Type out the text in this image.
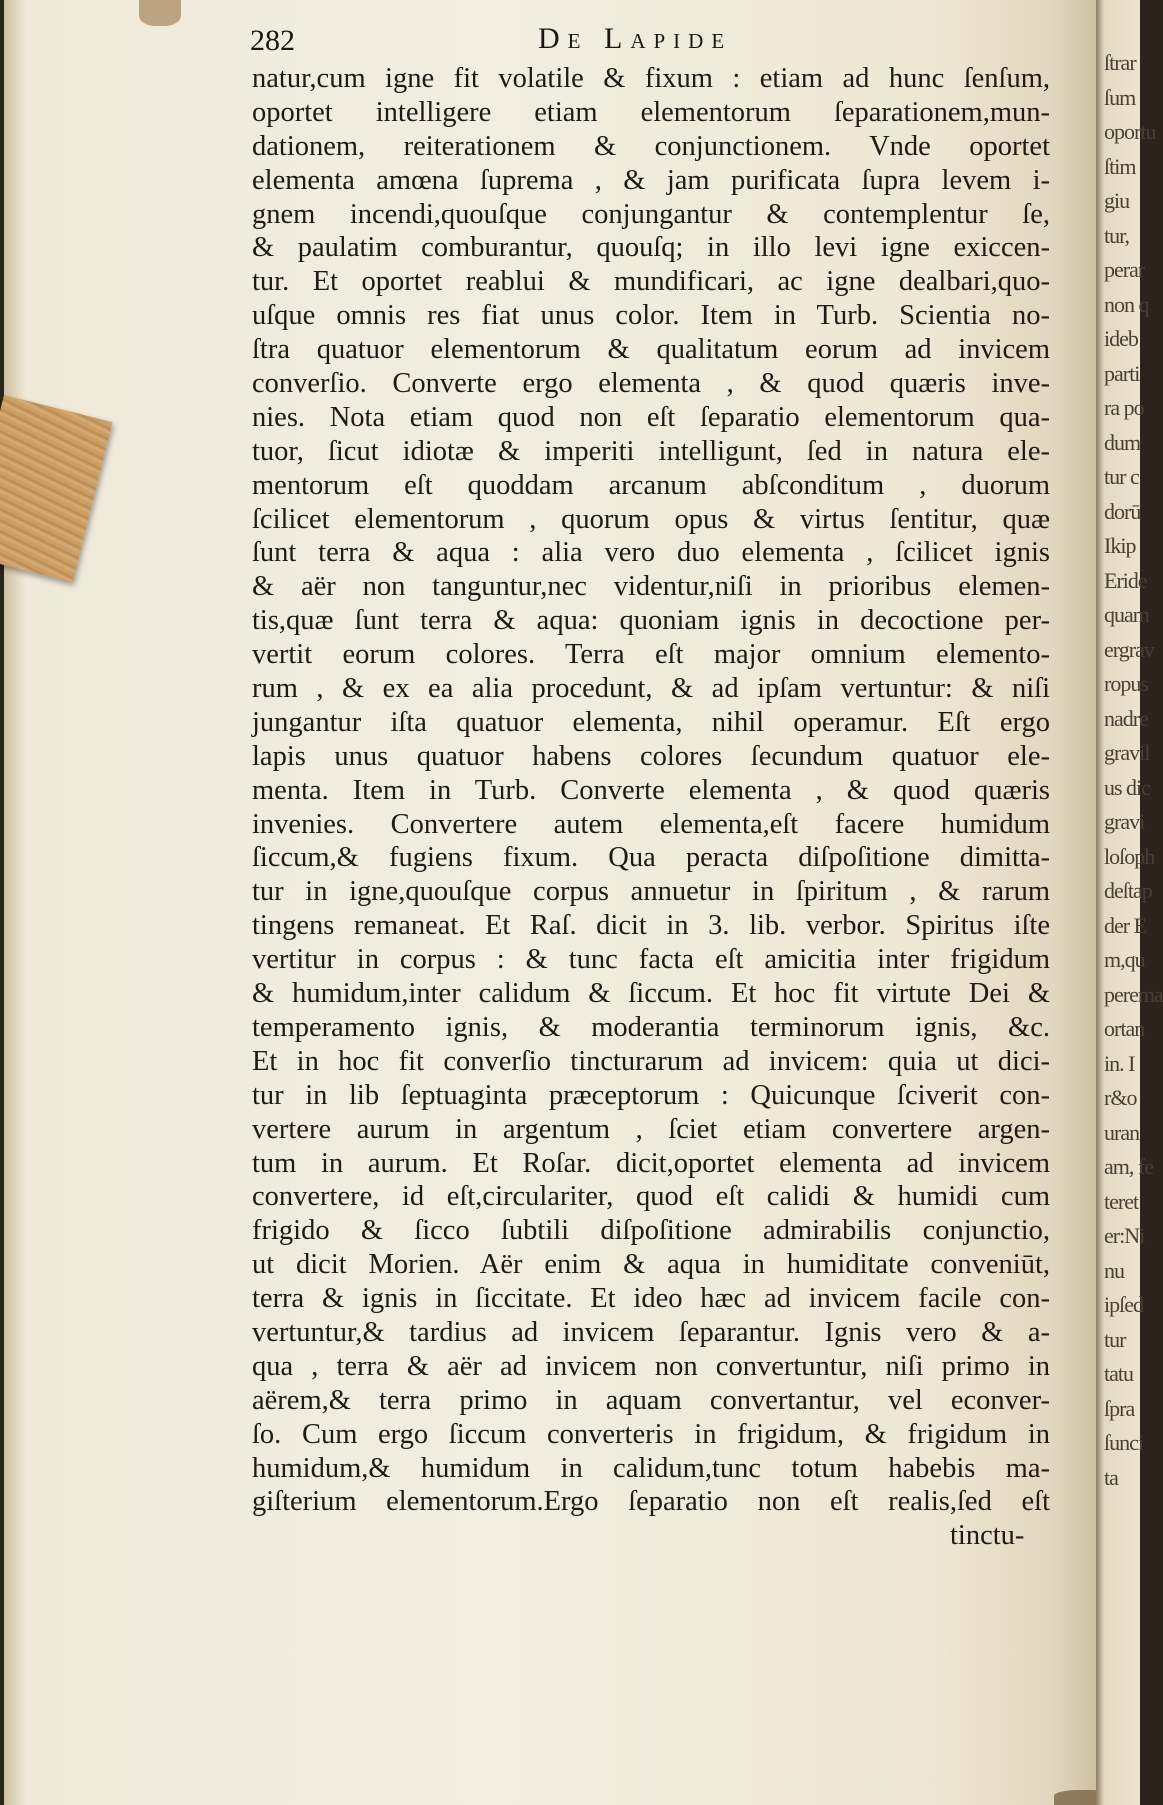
282	De Lapide
natur,cum igne fit volatile & fixum : etiam ad hunc ſenſum,
oportet intelligere etiam elementorum ſeparationem,mun-
dationem, reiterationem & conjunctionem. Vnde oportet
elementa amœna ſuprema , & jam purificata ſupra levem i-
gnem incendi,quouſque conjungantur & contemplentur ſe,
& paulatim comburantur, quouſq; in illo levi igne exiccen-
tur. Et oportet reablui & mundificari, ac igne dealbari,quo-
uſque omnis res fiat unus color. Item in Turb. Scientia no-
ſtra quatuor elementorum & qualitatum eorum ad invicem
converſio. Converte ergo elementa , & quod quæris inve-
nies. Nota etiam quod non eſt ſeparatio elementorum qua-
tuor, ſicut idiotæ & imperiti intelligunt, ſed in natura ele-
mentorum eſt quoddam arcanum abſconditum , duorum
ſcilicet elementorum , quorum opus & virtus ſentitur, quæ
ſunt terra & aqua : alia vero duo elementa , ſcilicet ignis
& aër non tanguntur,nec videntur,niſi in prioribus elemen-
tis,quæ ſunt terra & aqua: quoniam ignis in decoctione per-
vertit eorum colores. Terra eſt major omnium elemento-
rum , & ex ea alia procedunt, & ad ipſam vertuntur: & niſi
jungantur iſta quatuor elementa, nihil operamur. Eſt ergo
lapis unus quatuor habens colores ſecundum quatuor ele-
menta. Item in Turb. Converte elementa , & quod quæris
invenies. Convertere autem elementa,eſt facere humidum
ſiccum,& fugiens fixum. Qua peracta diſpoſitione dimitta-
tur in igne,quouſque corpus annuetur in ſpiritum , & rarum
tingens remaneat. Et Raſ. dicit in 3. lib. verbor. Spiritus iſte
vertitur in corpus : & tunc facta eſt amicitia inter frigidum
& humidum,inter calidum & ſiccum. Et hoc fit virtute Dei &
temperamento ignis, & moderantia terminorum ignis, &c.
Et in hoc fit converſio tincturarum ad invicem: quia ut dici-
tur in lib ſeptuaginta præceptorum : Quicunque ſciverit con-
vertere aurum in argentum , ſciet etiam convertere argen-
tum in aurum. Et Roſar. dicit,oportet elementa ad invicem
convertere, id eſt,circulariter, quod eſt calidi & humidi cum
frigido & ſicco ſubtili diſpoſitione admirabilis conjunctio,
ut dicit Morien. Aër enim & aqua in humiditate conveniūt,
terra & ignis in ſiccitate. Et ideo hæc ad invicem facile con-
vertuntur,& tardius ad invicem ſeparantur. Ignis vero & a-
qua , terra & aër ad invicem non convertuntur, niſi primo in
aërem,& terra primo in aquam convertantur, vel econver-
ſo. Cum ergo ſiccum converteris in frigidum, & frigidum in
humidum,& humidum in calidum,tunc totum habebis ma-
giſterium elementorum.Ergo ſeparatio non eſt realis,ſed eſt
tinctu-
ſtrar
ſum
oportu
ſtim
giu
tur,
perar
non q
ideb
parti
ra po
dum
tur c
dorū
Ikip
Eride
quam
ergrav
ropus
nadre
gravil
us dic
gravi
loſoph
deſtap
der E
m,qu
perema
ortan
in. I
r&o
uran
am, fe
teret
er:Ni
nu
ipſed
tur
tatu
ſpra
ſunci
ta
